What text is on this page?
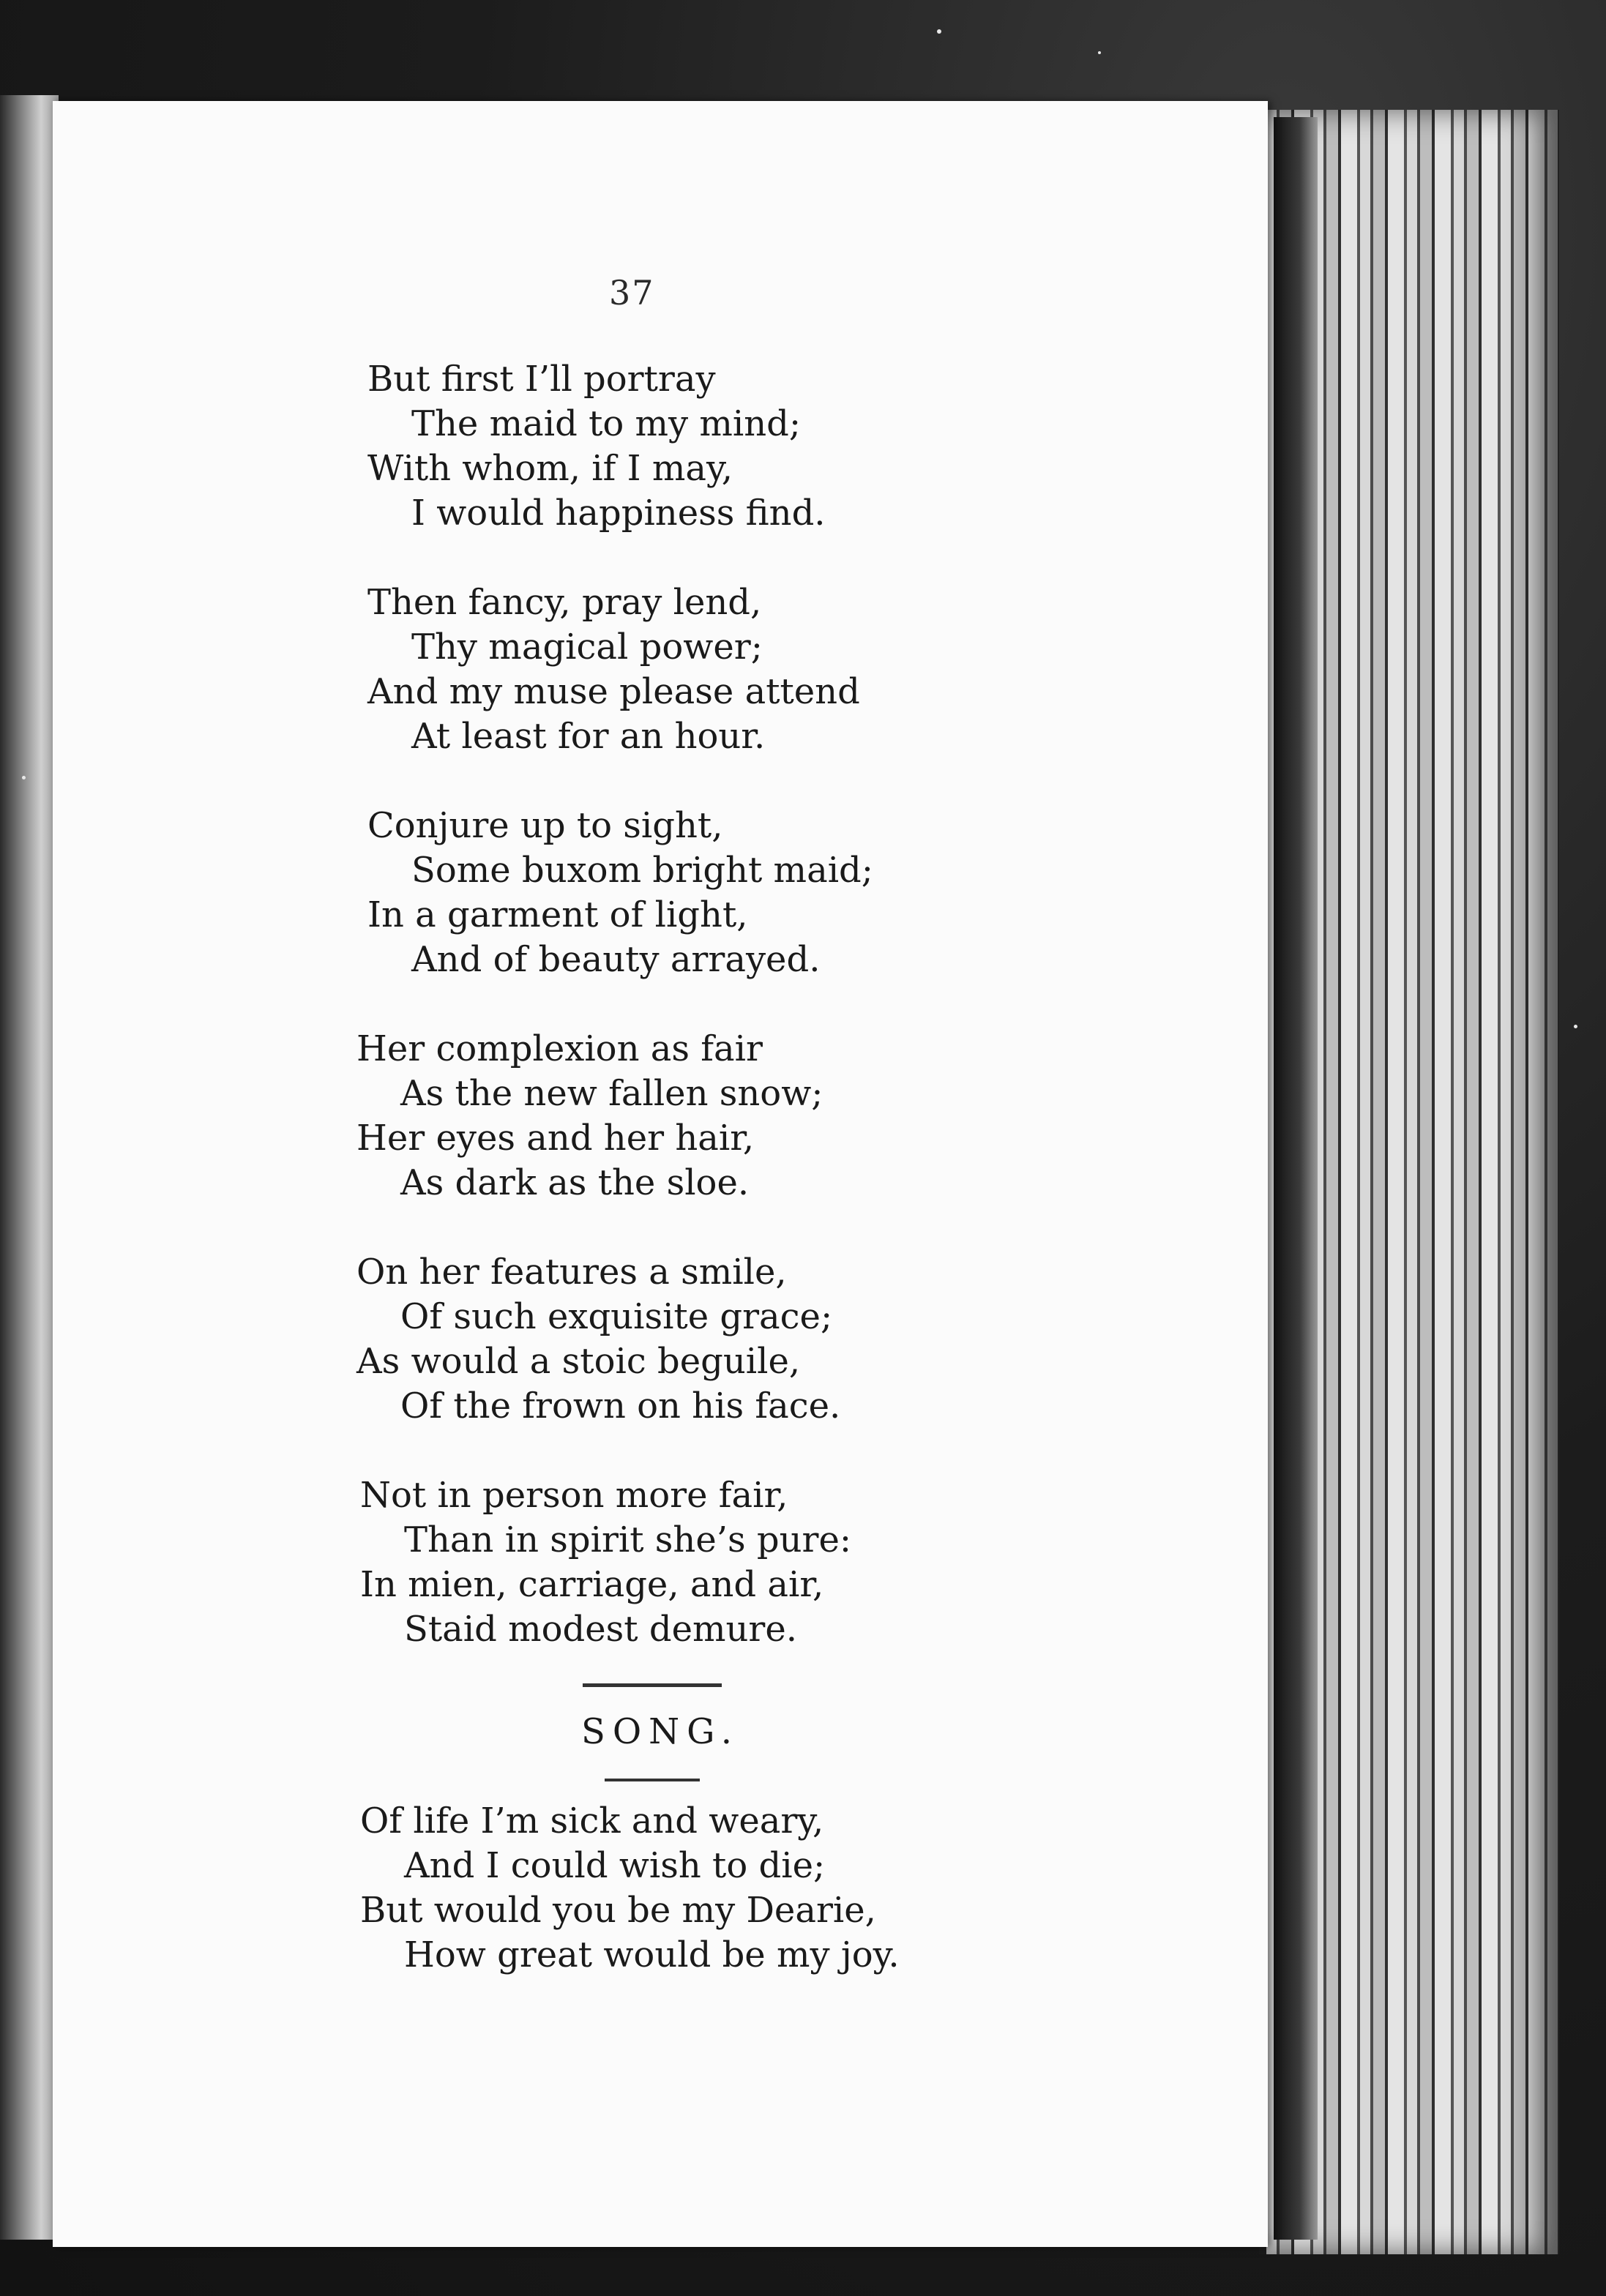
37
But first I’ll portray
The maid to my mind;
With whom, if I may,
I would happiness find.
Then fancy, pray lend,
Thy magical power;
And my muse please attend
At least for an hour.
Conjure up to sight,
Some buxom bright maid;
In a garment of light,
And of beauty arrayed.
Her complexion as fair
As the new fallen snow;
Her eyes and her hair,
As dark as the sloe.
On her features a smile,
Of such exquisite grace;
As would a stoic beguile,
Of the frown on his face.
Not in person more fair,
Than in spirit she’s pure:
In mien, carriage, and air,
Staid modest demure.
SONG.
Of life I’m sick and weary,
And I could wish to die;
But would you be my Dearie,
How great would be my joy.
